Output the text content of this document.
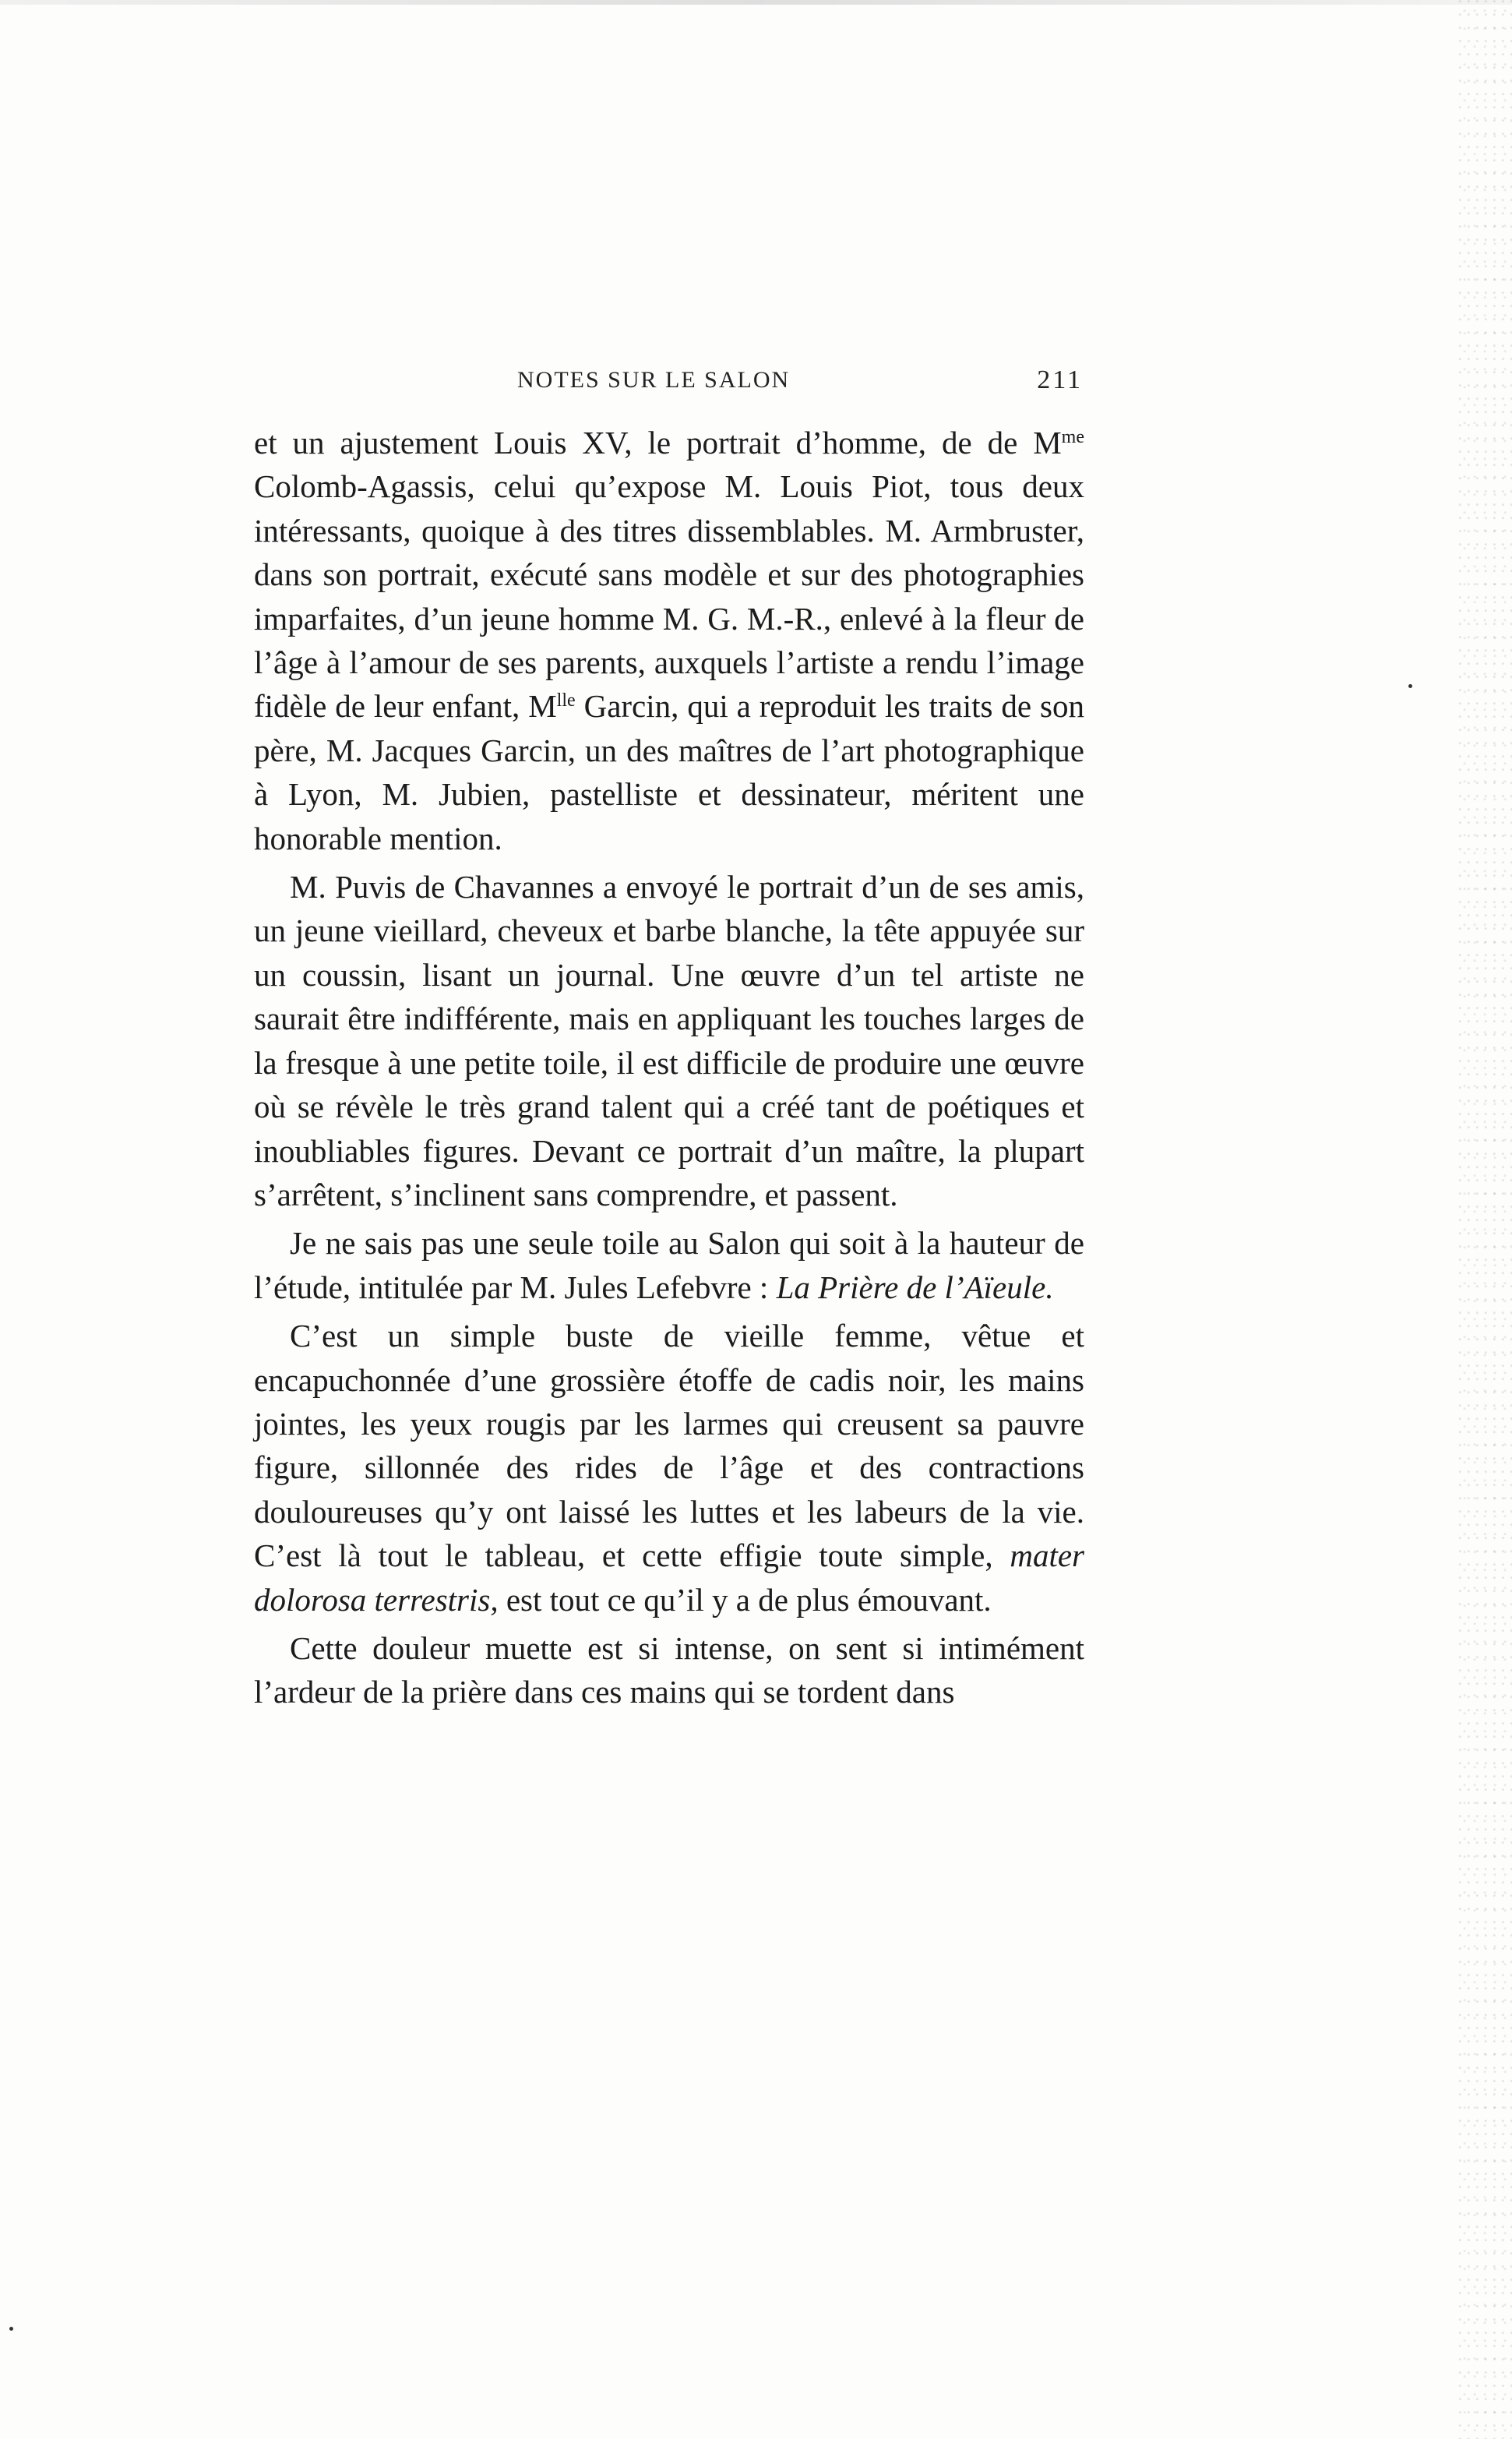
NOTES SUR LE SALON	211

et un ajustement Louis XV, le portrait d’homme, de de $M^{me}$ Colomb-Agassis, celui qu’expose M. Louis Piot, tous deux intéressants, quoique à des titres dissemblables. M. Armbruster, dans son portrait, exécuté sans modèle et sur des photographies imparfaites, d’un jeune homme M. G. M.-R., enlevé à la fleur de l’âge à l’amour de ses parents, auxquels l’artiste a rendu l’image fidèle de leur enfant, $M^{lle}$ Garcin, qui a reproduit les traits de son père, M. Jacques Garcin, un des maîtres de l’art photographique à Lyon, M. Jubien, pastelliste et dessinateur, méritent une honorable mention.

M. Puvis de Chavannes a envoyé le portrait d’un de ses amis, un jeune vieillard, cheveux et barbe blanche, la tête appuyée sur un coussin, lisant un journal. Une œuvre d’un tel artiste ne saurait être indifférente, mais en appliquant les touches larges de la fresque à une petite toile, il est difficile de produire une œuvre où se révèle le très grand talent qui a créé tant de poétiques et inoubliables figures. Devant ce portrait d’un maître, la plupart s’arrêtent, s’inclinent sans comprendre, et passent.

Je ne sais pas une seule toile au Salon qui soit à la hauteur de l’étude, intitulée par M. Jules Lefebvre : La Prière de l’Aïeule.

C’est un simple buste de vieille femme, vêtue et encapuchonnée d’une grossière étoffe de cadis noir, les mains jointes, les yeux rougis par les larmes qui creusent sa pauvre figure, sillonnée des rides de l’âge et des contractions douloureuses qu’y ont laissé les luttes et les labeurs de la vie. C’est là tout le tableau, et cette effigie toute simple, mater dolorosa terrestris, est tout ce qu’il y a de plus émouvant.

Cette douleur muette est si intense, on sent si intimément l’ardeur de la prière dans ces mains qui se tordent dans
